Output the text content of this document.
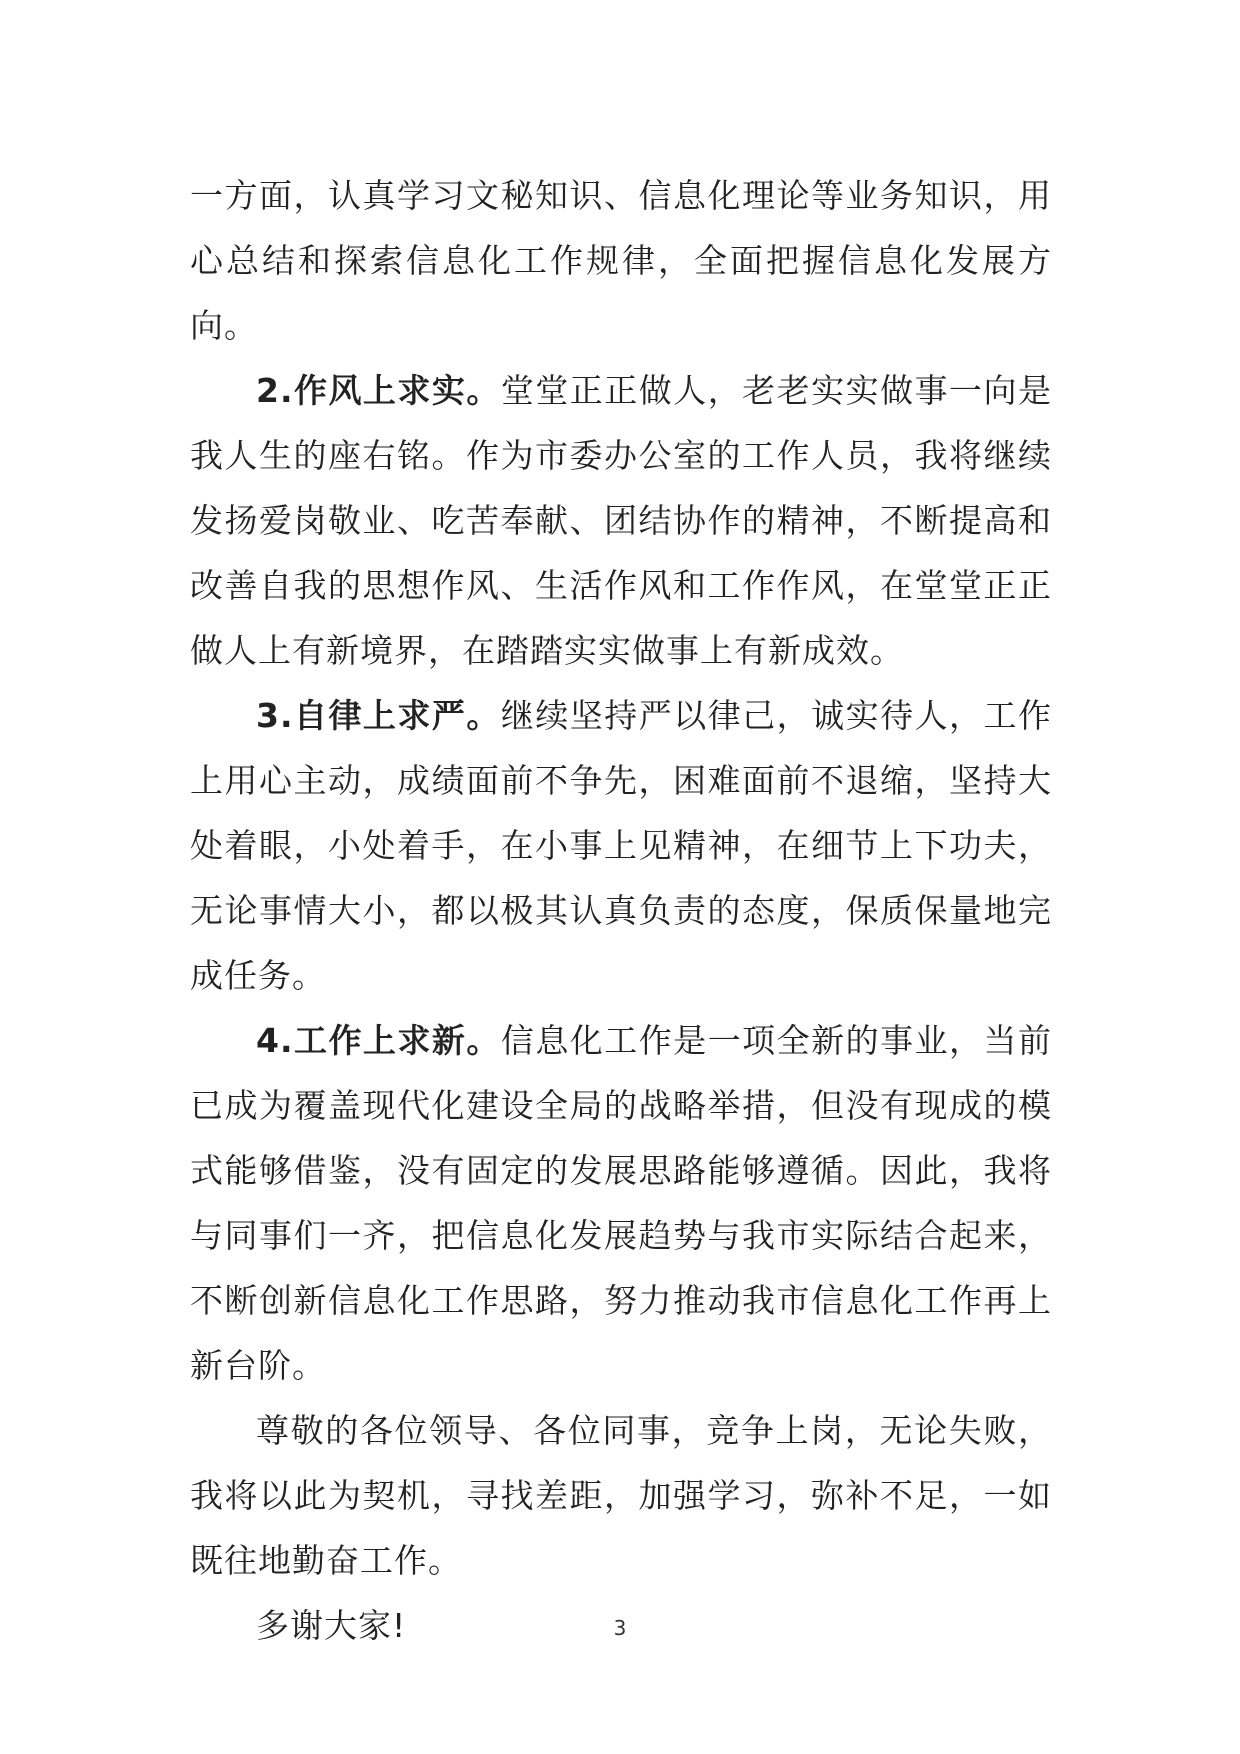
一方面，认真学习文秘知识、信息化理论等业务知识，用心总结和探索信息化工作规律，全面把握信息化发展方向。

2.作风上求实。堂堂正正做人，老老实实做事一向是我人生的座右铭。作为市委办公室的工作人员，我将继续发扬爱岗敬业、吃苦奉献、团结协作的精神，不断提高和改善自我的思想作风、生活作风和工作作风，在堂堂正正做人上有新境界，在踏踏实实做事上有新成效。

3.自律上求严。继续坚持严以律己，诚实待人，工作上用心主动，成绩面前不争先，困难面前不退缩，坚持大处着眼，小处着手，在小事上见精神，在细节上下功夫，无论事情大小，都以极其认真负责的态度，保质保量地完成任务。

4.工作上求新。信息化工作是一项全新的事业，当前已成为覆盖现代化建设全局的战略举措，但没有现成的模式能够借鉴，没有固定的发展思路能够遵循。因此，我将与同事们一齐，把信息化发展趋势与我市实际结合起来，不断创新信息化工作思路，努力推动我市信息化工作再上新台阶。

尊敬的各位领导、各位同事，竞争上岗，无论失败，我将以此为契机，寻找差距，加强学习，弥补不足，一如既往地勤奋工作。

多谢大家!	3
